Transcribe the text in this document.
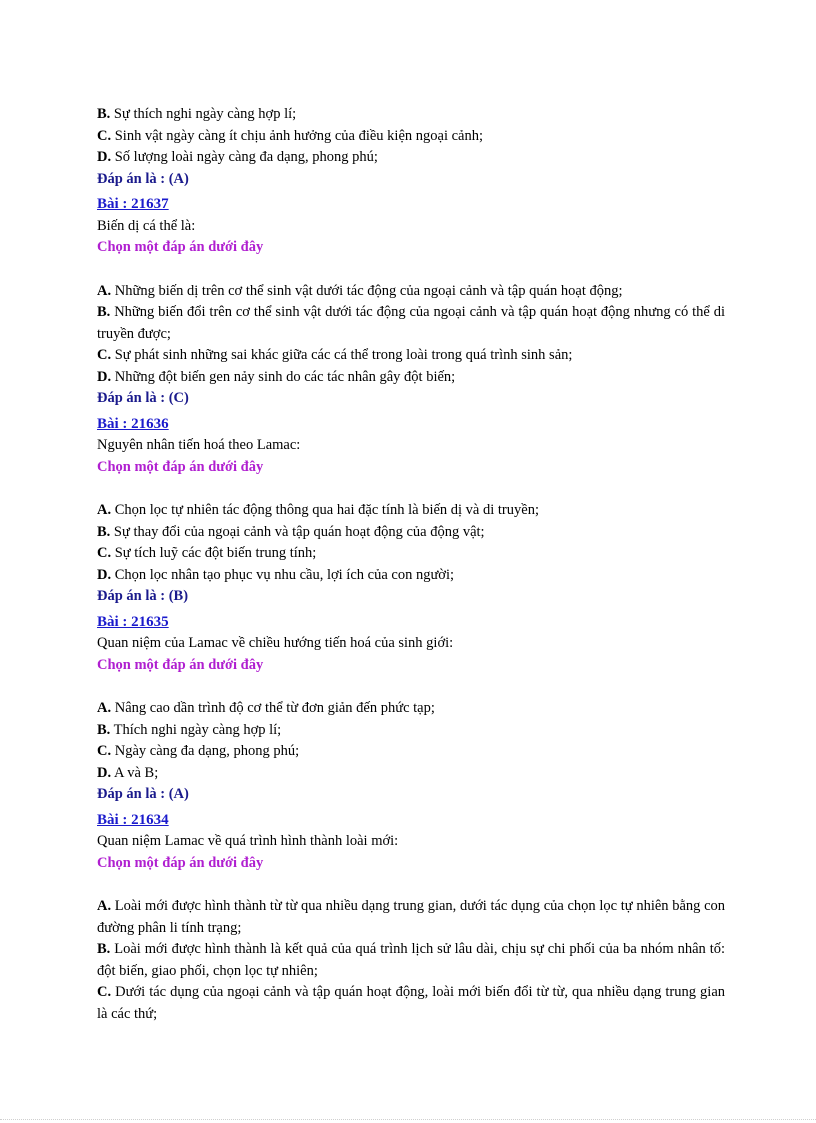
B. Sự thích nghi ngày càng hợp lí;
C. Sinh vật ngày càng ít chịu ảnh hưởng của điều kiện ngoại cảnh;
D. Số lượng loài ngày càng đa dạng, phong phú;
Đáp án là : (A)
Bài : 21637
Biến dị cá thể là:
Chọn một đáp án dưới đây
A. Những biến dị trên cơ thể sinh vật dưới tác động của ngoại cảnh và tập quán hoạt động;
B. Những biến đổi trên cơ thể sinh vật dưới tác động của ngoại cảnh và tập quán hoạt động nhưng có thể di truyền được;
C. Sự phát sinh những sai khác giữa các cá thể trong loài trong quá trình sinh sản;
D. Những đột biến gen nảy sinh do các tác nhân gây đột biến;
Đáp án là : (C)
Bài : 21636
Nguyên nhân tiến hoá theo Lamac:
Chọn một đáp án dưới đây
A. Chọn lọc tự nhiên tác động thông qua hai đặc tính là biến dị và di truyền;
B. Sự thay đổi của ngoại cảnh và tập quán hoạt động của động vật;
C. Sự tích luỹ các đột biến trung tính;
D. Chọn lọc nhân tạo phục vụ nhu cầu, lợi ích của con người;
Đáp án là : (B)
Bài : 21635
Quan niệm của Lamac về chiều hướng tiến hoá của sinh giới:
Chọn một đáp án dưới đây
A. Nâng cao dần trình độ cơ thể từ đơn giản đến phức tạp;
B. Thích nghi ngày càng hợp lí;
C. Ngày càng đa dạng, phong phú;
D. A và B;
Đáp án là : (A)
Bài : 21634
Quan niệm Lamac về quá trình hình thành loài mới:
Chọn một đáp án dưới đây
A. Loài mới được hình thành từ từ qua nhiều dạng trung gian, dưới tác dụng của chọn lọc tự nhiên bằng con đường phân li tính trạng;
B. Loài mới được hình thành là kết quả của quá trình lịch sử lâu dài, chịu sự chi phối của ba nhóm nhân tố: đột biến, giao phối, chọn lọc tự nhiên;
C. Dưới tác dụng của ngoại cảnh và tập quán hoạt động, loài mới biến đổi từ từ, qua nhiều dạng trung gian là các thứ;
